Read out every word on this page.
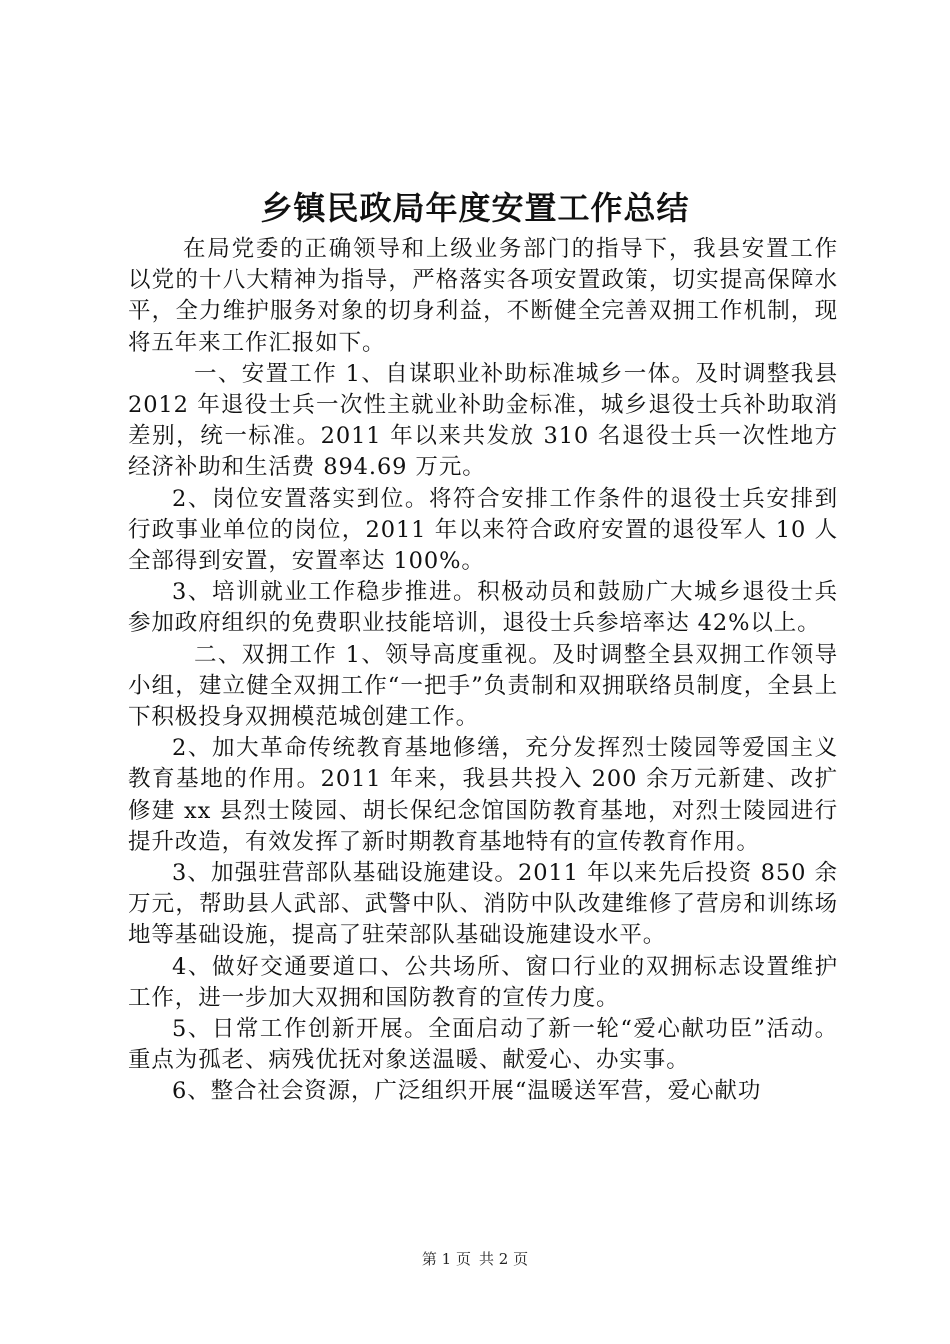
乡镇民政局年度安置工作总结

在局党委的正确领导和上级业务部门的指导下，我县安置工作以党的十八大精神为指导，严格落实各项安置政策，切实提高保障水平，全力维护服务对象的切身利益，不断健全完善双拥工作机制，现将五年来工作汇报如下。

一、安置工作 1、自谋职业补助标准城乡一体。及时调整我县 2012 年退役士兵一次性主就业补助金标准，城乡退役士兵补助取消差别，统一标准。2011 年以来共发放 310 名退役士兵一次性地方经济补助和生活费 894.69 万元。

2、岗位安置落实到位。将符合安排工作条件的退役士兵安排到行政事业单位的岗位，2011 年以来符合政府安置的退役军人 10 人全部得到安置，安置率达 100%。

3、培训就业工作稳步推进。积极动员和鼓励广大城乡退役士兵参加政府组织的免费职业技能培训，退役士兵参培率达 42%以上。

二、双拥工作 1、领导高度重视。及时调整全县双拥工作领导小组，建立健全双拥工作“一把手”负责制和双拥联络员制度，全县上下积极投身双拥模范城创建工作。

2、加大革命传统教育基地修缮，充分发挥烈士陵园等爱国主义教育基地的作用。2011 年来，我县共投入 200 余万元新建、改扩修建 xx 县烈士陵园、胡长保纪念馆国防教育基地，对烈士陵园进行提升改造，有效发挥了新时期教育基地特有的宣传教育作用。

3、加强驻营部队基础设施建设。2011 年以来先后投资 850 余万元，帮助县人武部、武警中队、消防中队改建维修了营房和训练场地等基础设施，提高了驻荣部队基础设施建设水平。

4、做好交通要道口、公共场所、窗口行业的双拥标志设置维护工作，进一步加大双拥和国防教育的宣传力度。

5、日常工作创新开展。全面启动了新一轮“爱心献功臣”活动。重点为孤老、病残优抚对象送温暖、献爱心、办实事。

6、整合社会资源，广泛组织开展“温暖送军营，爱心献功

第 1 页 共 2 页
